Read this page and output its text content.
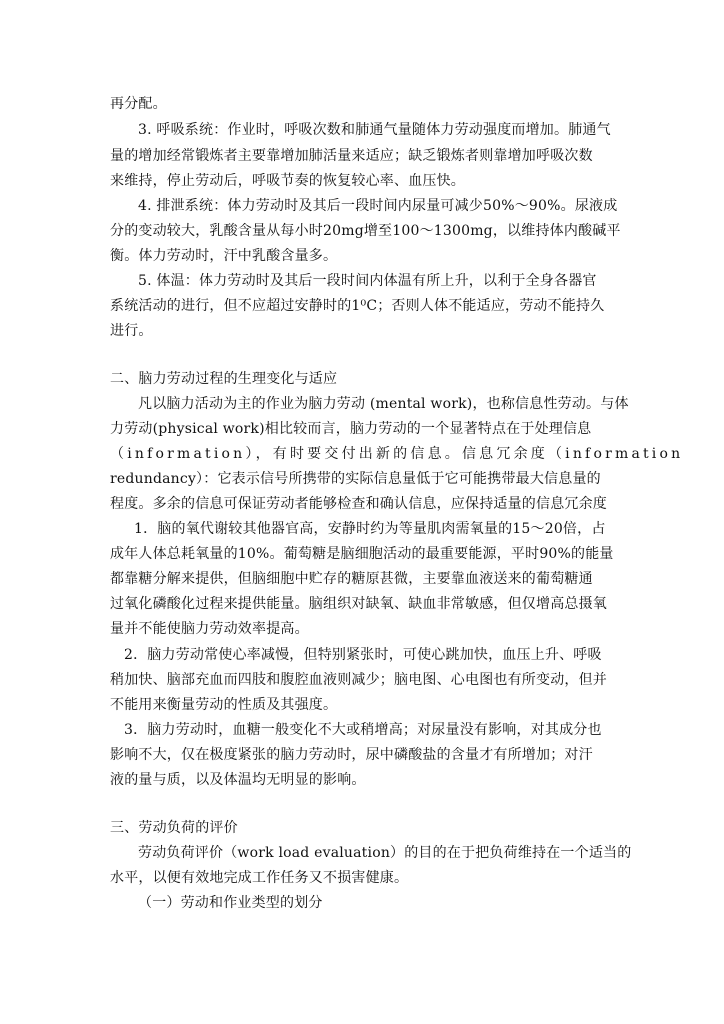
再分配。
3. 呼吸系统：作业时，呼吸次数和肺通气量随体力劳动强度而增加。肺通气
量的增加经常锻炼者主要靠增加肺活量来适应；缺乏锻炼者则靠增加呼吸次数
来维持，停止劳动后，呼吸节奏的恢复较心率、血压快。
4. 排泄系统：体力劳动时及其后一段时间内尿量可减少50%～90%。尿液成
分的变动较大，乳酸含量从每小时20mg增至100～1300mg，以维持体内酸碱平
衡。体力劳动时，汗中乳酸含量多。
5. 体温：体力劳动时及其后一段时间内体温有所上升，以利于全身各器官
系统活动的进行，但不应超过安静时的1⁰C；否则人体不能适应，劳动不能持久
进行。
二、脑力劳动过程的生理变化与适应
凡以脑力活动为主的作业为脑力劳动 (mental work)，也称信息性劳动。与体
力劳动(physical work)相比较而言，脑力劳动的一个显著特点在于处理信息
（information），有时要交付出新的信息。信息冗余度（information
redundancy）：它表示信号所携带的实际信息量低于它可能携带最大信息量的
程度。多余的信息可保证劳动者能够检查和确认信息，应保持适量的信息冗余度
1．脑的氧代谢较其他器官高，安静时约为等量肌肉需氧量的15～20倍，占
成年人体总耗氧量的10%。葡萄糖是脑细胞活动的最重要能源，平时90%的能量
都靠糖分解来提供，但脑细胞中贮存的糖原甚微，主要靠血液送来的葡萄糖通
过氧化磷酸化过程来提供能量。脑组织对缺氧、缺血非常敏感，但仅增高总摄氧
量并不能使脑力劳动效率提高。
2．脑力劳动常使心率减慢，但特别紧张时，可使心跳加快，血压上升、呼吸
稍加快、脑部充血而四肢和腹腔血液则减少；脑电图、心电图也有所变动，但并
不能用来衡量劳动的性质及其强度。
3．脑力劳动时，血糖一般变化不大或稍增高；对尿量没有影响，对其成分也
影响不大，仅在极度紧张的脑力劳动时，尿中磷酸盐的含量才有所增加；对汗
液的量与质，以及体温均无明显的影响。
三、劳动负荷的评价
劳动负荷评价（work load evaluation）的目的在于把负荷维持在一个适当的
水平，以便有效地完成工作任务又不损害健康。
（一）劳动和作业类型的划分
